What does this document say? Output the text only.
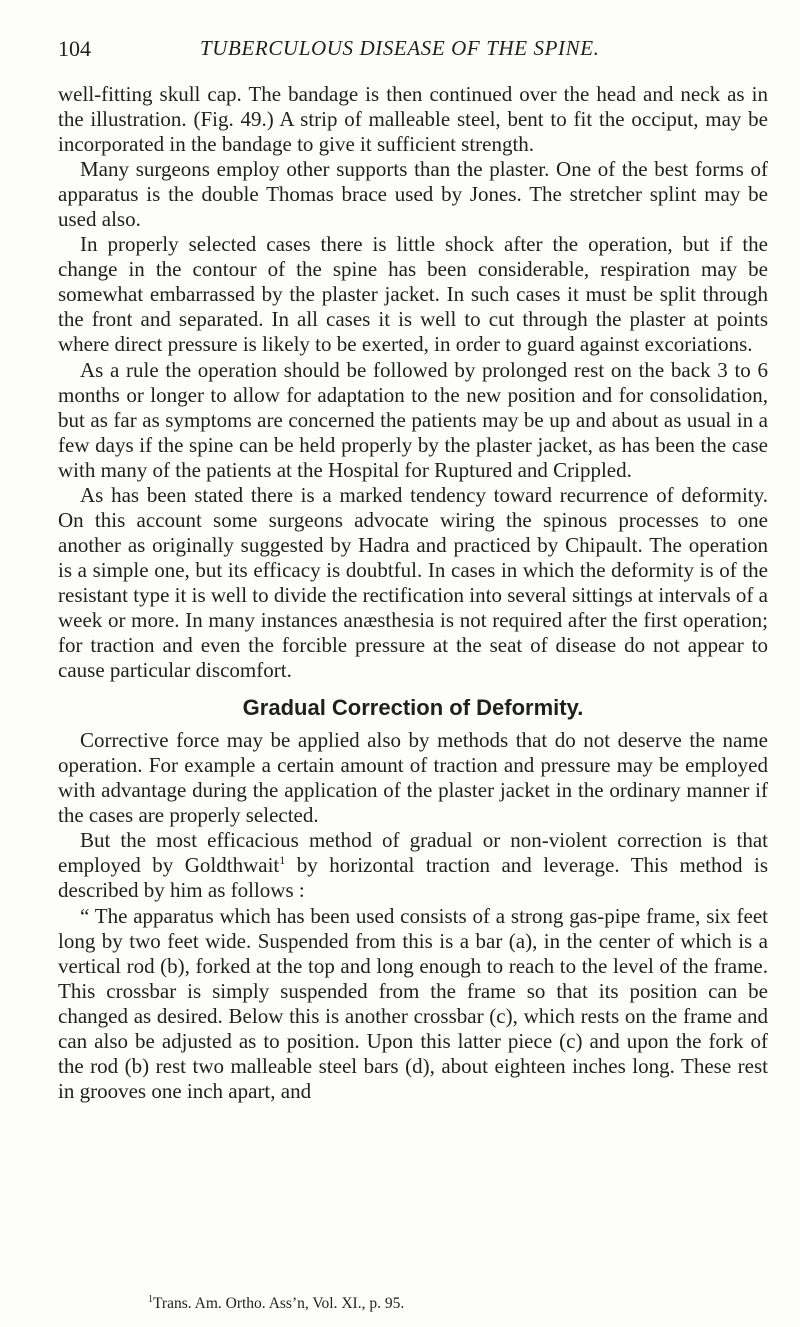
104	TUBERCULOUS DISEASE OF THE SPINE.

well-fitting skull cap. The bandage is then continued over the head and neck as in the illustration. (Fig. 49.) A strip of malleable steel, bent to fit the occiput, may be incorporated in the bandage to give it sufficient strength.

Many surgeons employ other supports than the plaster. One of the best forms of apparatus is the double Thomas brace used by Jones. The stretcher splint may be used also.

In properly selected cases there is little shock after the operation, but if the change in the contour of the spine has been considerable, respiration may be somewhat embarrassed by the plaster jacket. In such cases it must be split through the front and separated. In all cases it is well to cut through the plaster at points where direct pressure is likely to be exerted, in order to guard against excoriations.

As a rule the operation should be followed by prolonged rest on the back 3 to 6 months or longer to allow for adaptation to the new position and for consolidation, but as far as symptoms are concerned the patients may be up and about as usual in a few days if the spine can be held properly by the plaster jacket, as has been the case with many of the patients at the Hospital for Ruptured and Crippled.

As has been stated there is a marked tendency toward recurrence of deformity. On this account some surgeons advocate wiring the spinous processes to one another as originally suggested by Hadra and practiced by Chipault. The operation is a simple one, but its efficacy is doubtful. In cases in which the deformity is of the resistant type it is well to divide the rectification into several sittings at intervals of a week or more. In many instances anæsthesia is not required after the first operation; for traction and even the forcible pressure at the seat of disease do not appear to cause particular discomfort.

Gradual Correction of Deformity.

Corrective force may be applied also by methods that do not deserve the name operation. For example a certain amount of traction and pressure may be employed with advantage during the application of the plaster jacket in the ordinary manner if the cases are properly selected.

But the most efficacious method of gradual or non-violent correction is that employed by Goldthwait$^1$ by horizontal traction and leverage. This method is described by him as follows :

“ The apparatus which has been used consists of a strong gas-pipe frame, six feet long by two feet wide. Suspended from this is a bar (a), in the center of which is a vertical rod (b), forked at the top and long enough to reach to the level of the frame. This crossbar is simply suspended from the frame so that its position can be changed as desired. Below this is another crossbar (c), which rests on the frame and can also be adjusted as to position. Upon this latter piece (c) and upon the fork of the rod (b) rest two malleable steel bars (d), about eighteen inches long. These rest in grooves one inch apart, and

$^1$Trans. Am. Ortho. Ass’n, Vol. XI., p. 95.
